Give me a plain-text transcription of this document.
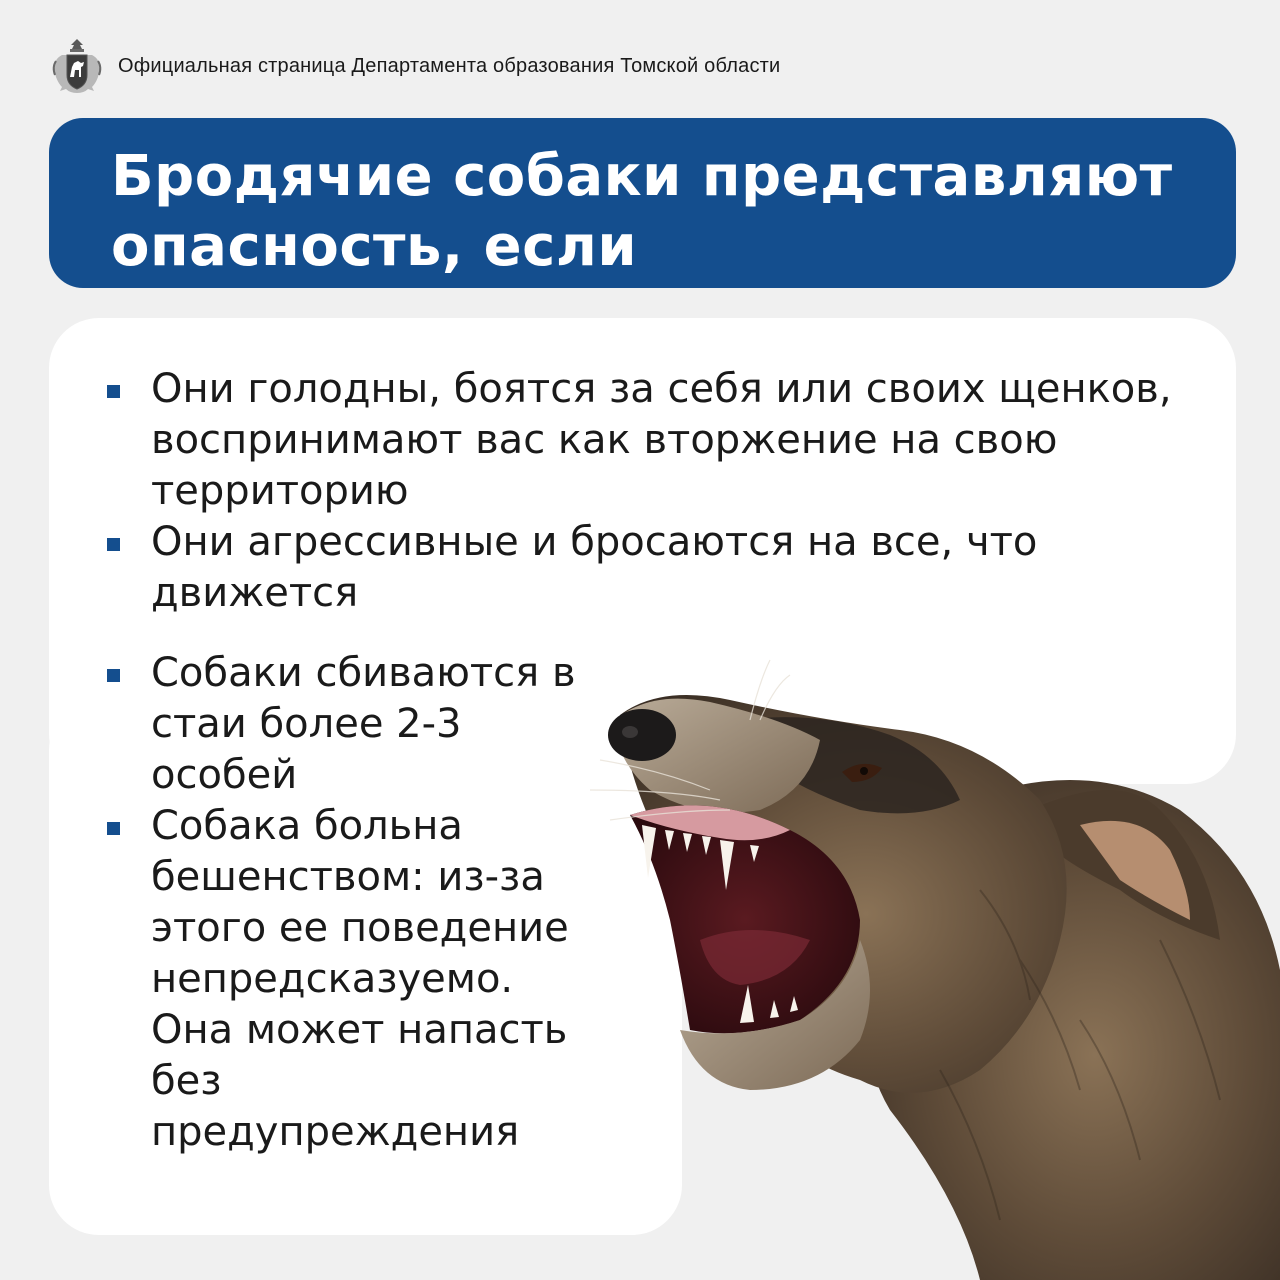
Официальная страница Департамента образования Томской области
Бродячие собаки представляют
опасность, если
Они голодны, боятся за себя или своих щенков, воспринимают вас как вторжение на свою территорию
Они агрессивные и бросаются на все, что движется
Собаки сбиваются в стаи более 2-3 особей
Собака больна бешенством: из-за этого ее поведение непредсказуемо. Она может напасть без предупреждения
